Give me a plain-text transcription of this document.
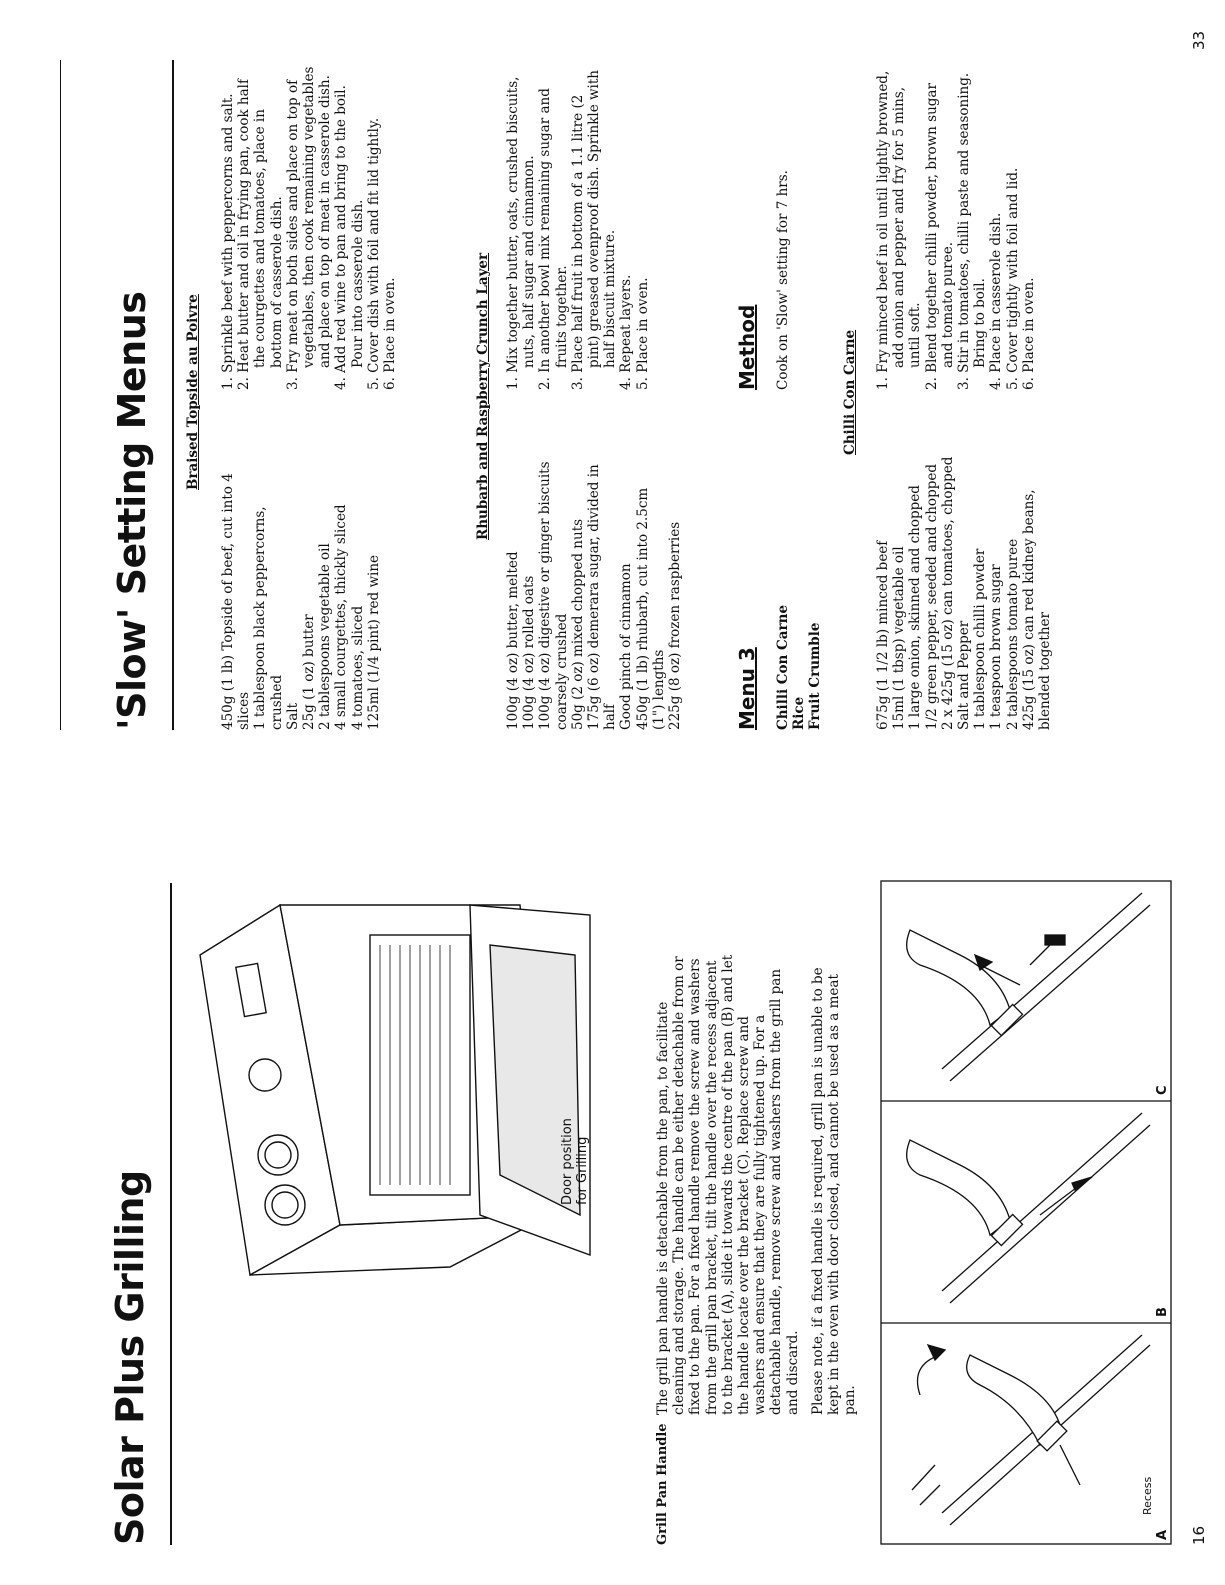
Solar Plus Grilling
Door position for Grilling
Grill Pan Handle
The grill pan handle is detachable from the pan, to facilitate cleaning and storage. The handle can be either detachable from or fixed to the pan. For a fixed handle remove the screw and washers from the grill pan bracket, tilt the handle over the recess adjacent to the bracket (A), slide it towards the centre of the pan (B) and let the handle locate over the bracket (C). Replace screw and washers and ensure that they are fully tightened up. For a detachable handle, remove screw and washers from the grill pan and discard. Please note, if a fixed handle is required, grill pan is unable to be kept in the oven with door closed, and cannot be used as a meat pan.
Recess
A
B
C
16
'Slow' Setting Menus Braised Topside au Poivre
450g (1 lb) Topside of beef, cut into 4 slices 1 tablespoon black peppercorns, crushed Salt 25g (1 oz) butter 2 tablespoons vegetable oil 4 small courgettes, thickly sliced 4 tomatoes, sliced 125ml (1/4 pint) red wine
1. Sprinkle beef with peppercorns and salt. 2. Heat butter and oil in frying pan, cook half the courgettes and tomatoes, place in bottom of casserole dish. 3. Fry meat on both sides and place on top of vegetables, then cook remaining vegetables and place on top of meat in casserole dish. 4. Add red wine to pan and bring to the boil. Pour into casserole dish. 5. Cover dish with foil and fit lid tightly. 6. Place in oven.	Rhubarb and Raspberry Crunch Layer
100g (4 oz) butter, melted 100g (4 oz) rolled oats 100g (4 oz) digestive or ginger biscuits coarsely crushed 50g (2 oz) mixed chopped nuts 175g (6 oz) demerara sugar, divided in half Good pinch of cinnamon 450g (1 lb) rhubarb, cut into 2.5cm (1") lengths 225g (8 oz) frozen raspberries
1. Mix together butter, oats, crushed biscuits, nuts, half sugar and cinnamon. 2. In another bowl mix remaining sugar and fruits together. 3. Place half fruit in bottom of a 1.1 litre (2 pint) greased ovenproof dish. Sprinkle with half biscuit mixture. 4. Repeat layers. 5. Place in oven.
Menu 3 Chilli Con Carne Rice Fruit Crumble
Method Cook on 'Slow' setting for 7 hrs.
Chilli Con Carne
675g (1 1/2 lb) minced beef 15ml (1 tbsp) vegetable oil 1 large onion, skinned and chopped 1/2 green pepper, seeded and chopped 2 x 425g (15 oz) can tomatoes, chopped Salt and Pepper 1 tablespoon chilli powder 1 teaspoon brown sugar 2 tablespoons tomato puree 425g (15 oz) can red kidney beans, blended together
1. Fry minced beef in oil until lightly browned, add onion and pepper and fry for 5 mins, until soft. 2. Blend together chilli powder, brown sugar and tomato puree. 3. Stir in tomatoes, chilli paste and seasoning. Bring to boil. 4. Place in casserole dish. 5. Cover tightly with foil and lid. 6. Place in oven.
33
